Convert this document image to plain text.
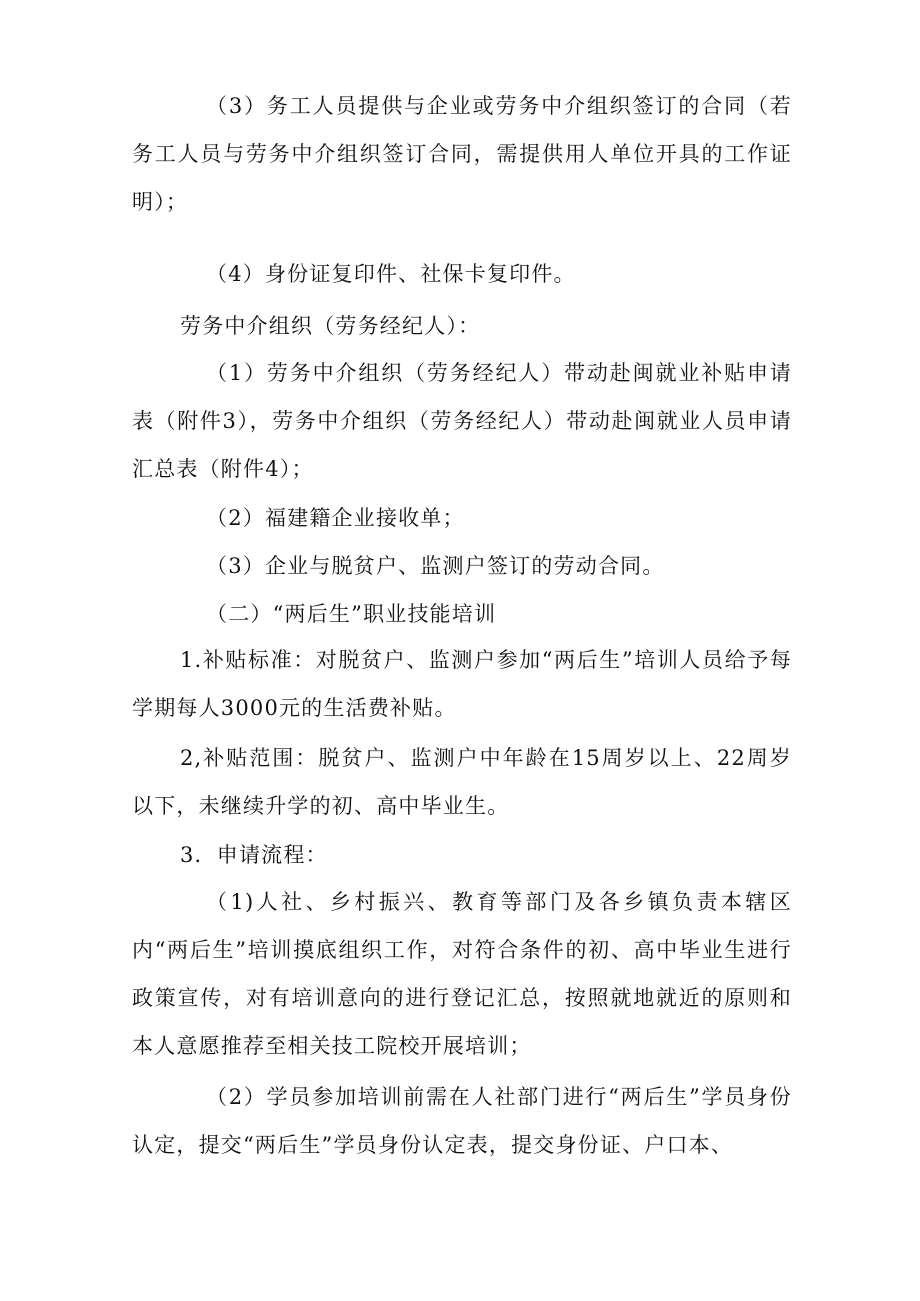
（3）务工人员提供与企业或劳务中介组织签订的合同（若务工人员与劳务中介组织签订合同，需提供用人单位开具的工作证明）；

（4）身份证复印件、社保卡复印件。

劳务中介组织（劳务经纪人）：

（1）劳务中介组织（劳务经纪人）带动赴闽就业补贴申请表（附件3），劳务中介组织（劳务经纪人）带动赴闽就业人员申请汇总表（附件4）；

（2）福建籍企业接收单；

（3）企业与脱贫户、监测户签订的劳动合同。

（二）“两后生”职业技能培训

1.补贴标准：对脱贫户、监测户参加“两后生”培训人员给予每学期每人3000元的生活费补贴。

2,补贴范围：脱贫户、监测户中年龄在15周岁以上、22周岁以下，未继续升学的初、高中毕业生。

3．申请流程：

（1)人社、乡村振兴、教育等部门及各乡镇负责本辖区内“两后生”培训摸底组织工作，对符合条件的初、高中毕业生进行政策宣传，对有培训意向的进行登记汇总，按照就地就近的原则和本人意愿推荐至相关技工院校开展培训；

（2）学员参加培训前需在人社部门进行“两后生”学员身份认定，提交“两后生”学员身份认定表，提交身份证、户口本、
